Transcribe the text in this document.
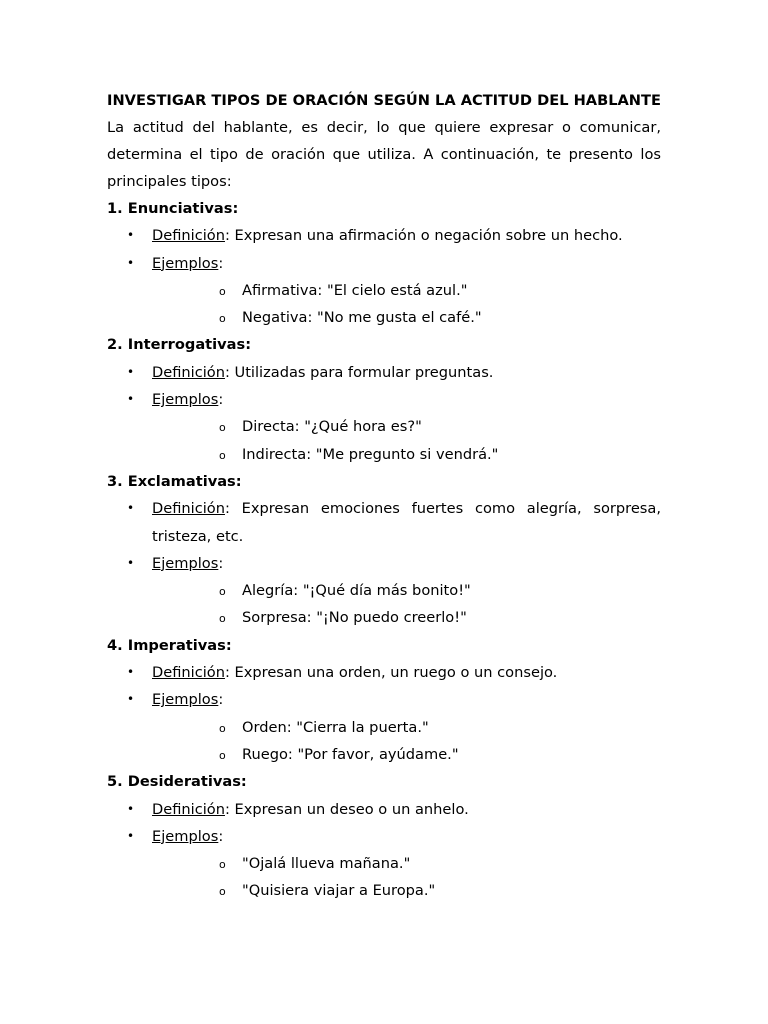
INVESTIGAR TIPOS DE ORACIÓN SEGÚN LA ACTITUD DEL HABLANTE

La actitud del hablante, es decir, lo que quiere expresar o comunicar, determina el tipo de oración que utiliza. A continuación, te presento los principales tipos:

1. Enunciativas:

• Definición: Expresan una afirmación o negación sobre un hecho.
• Ejemplos:
o Afirmativa: "El cielo está azul."
o Negativa: "No me gusta el café."

2. Interrogativas:

• Definición: Utilizadas para formular preguntas.
• Ejemplos:
o Directa: "¿Qué hora es?"
o Indirecta: "Me pregunto si vendrá."

3. Exclamativas:

• Definición: Expresan emociones fuertes como alegría, sorpresa, tristeza, etc.
• Ejemplos:
o Alegría: "¡Qué día más bonito!"
o Sorpresa: "¡No puedo creerlo!"

4. Imperativas:

• Definición: Expresan una orden, un ruego o un consejo.
• Ejemplos:
o Orden: "Cierra la puerta."
o Ruego: "Por favor, ayúdame."

5. Desiderativas:

• Definición: Expresan un deseo o un anhelo.
• Ejemplos:
o "Ojalá llueva mañana."
o "Quisiera viajar a Europa."
